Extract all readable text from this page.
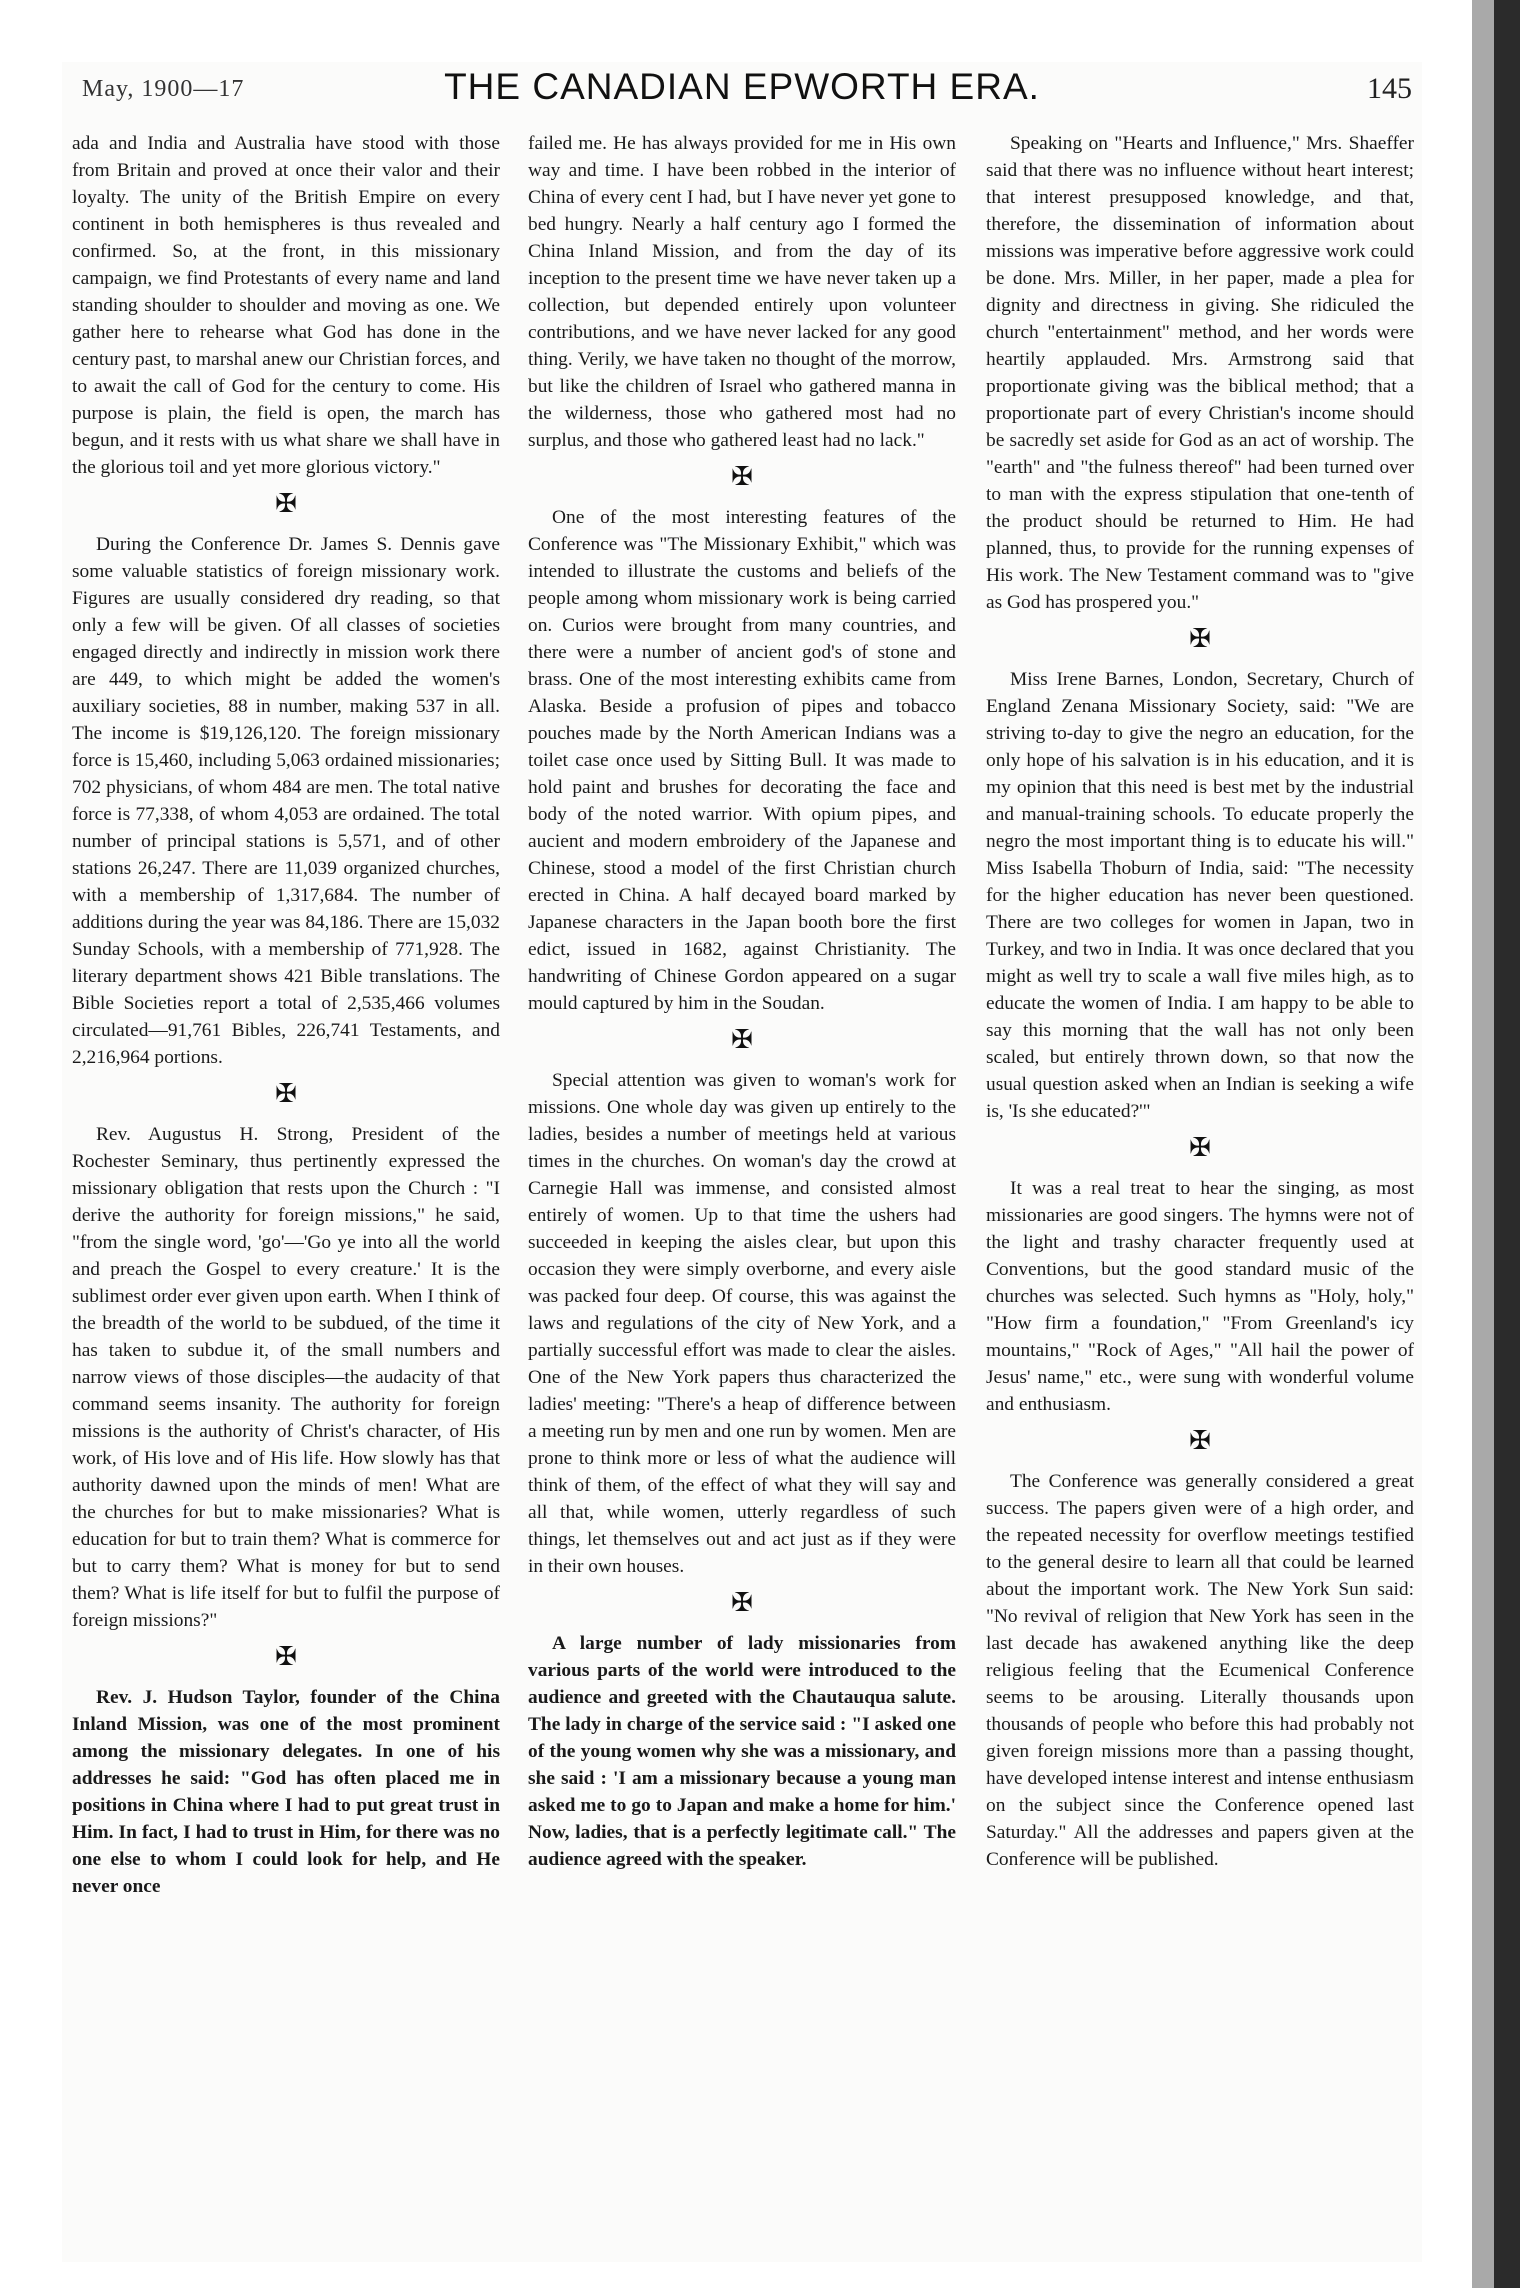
May, 1900—17	THE CANADIAN EPWORTH ERA.	145

ada and India and Australia have stood with those from Britain and proved at once their valor and their loyalty. The unity of the British Empire on every continent in both hemispheres is thus revealed and confirmed. So, at the front, in this missionary campaign, we find Protestants of every name and land standing shoulder to shoulder and moving as one. We gather here to rehearse what God has done in the century past, to marshal anew our Christian forces, and to await the call of God for the century to come. His purpose is plain, the field is open, the march has begun, and it rests with us what share we shall have in the glorious toil and yet more glorious victory."

✠

During the Conference Dr. James S. Dennis gave some valuable statistics of foreign missionary work. Figures are usually considered dry reading, so that only a few will be given. Of all classes of societies engaged directly and indirectly in mission work there are 449, to which might be added the women's auxiliary societies, 88 in number, making 537 in all. The income is $19,126,120. The foreign missionary force is 15,460, including 5,063 ordained missionaries; 702 physicians, of whom 484 are men. The total native force is 77,338, of whom 4,053 are ordained. The total number of principal stations is 5,571, and of other stations 26,247. There are 11,039 organized churches, with a membership of 1,317,684. The number of additions during the year was 84,186. There are 15,032 Sunday Schools, with a membership of 771,928. The literary department shows 421 Bible translations. The Bible Societies report a total of 2,535,466 volumes circulated—91,761 Bibles, 226,741 Testaments, and 2,216,964 portions.

✠

Rev. Augustus H. Strong, President of the Rochester Seminary, thus pertinently expressed the missionary obligation that rests upon the Church : "I derive the authority for foreign missions," he said, "from the single word, 'go'—'Go ye into all the world and preach the Gospel to every creature.' It is the sublimest order ever given upon earth. When I think of the breadth of the world to be subdued, of the time it has taken to subdue it, of the small numbers and narrow views of those disciples—the audacity of that command seems insanity. The authority for foreign missions is the authority of Christ's character, of His work, of His love and of His life. How slowly has that authority dawned upon the minds of men! What are the churches for but to make missionaries? What is education for but to train them? What is commerce for but to carry them? What is money for but to send them? What is life itself for but to fulfil the purpose of foreign missions?"

✠

Rev. J. Hudson Taylor, founder of the China Inland Mission, was one of the most prominent among the missionary delegates. In one of his addresses he said: "God has often placed me in positions in China where I had to put great trust in Him. In fact, I had to trust in Him, for there was no one else to whom I could look for help, and He never once

failed me. He has always provided for me in His own way and time. I have been robbed in the interior of China of every cent I had, but I have never yet gone to bed hungry. Nearly a half century ago I formed the China Inland Mission, and from the day of its inception to the present time we have never taken up a collection, but depended entirely upon volunteer contributions, and we have never lacked for any good thing. Verily, we have taken no thought of the morrow, but like the children of Israel who gathered manna in the wilderness, those who gathered most had no surplus, and those who gathered least had no lack."

✠

One of the most interesting features of the Conference was "The Missionary Exhibit," which was intended to illustrate the customs and beliefs of the people among whom missionary work is being carried on. Curios were brought from many countries, and there were a number of ancient god's of stone and brass. One of the most interesting exhibits came from Alaska. Beside a profusion of pipes and tobacco pouches made by the North American Indians was a toilet case once used by Sitting Bull. It was made to hold paint and brushes for decorating the face and body of the noted warrior. With opium pipes, and aucient and modern embroidery of the Japanese and Chinese, stood a model of the first Christian church erected in China. A half decayed board marked by Japanese characters in the Japan booth bore the first edict, issued in 1682, against Christianity. The handwriting of Chinese Gordon appeared on a sugar mould captured by him in the Soudan.

✠

Special attention was given to woman's work for missions. One whole day was given up entirely to the ladies, besides a number of meetings held at various times in the churches. On woman's day the crowd at Carnegie Hall was immense, and consisted almost entirely of women. Up to that time the ushers had succeeded in keeping the aisles clear, but upon this occasion they were simply overborne, and every aisle was packed four deep. Of course, this was against the laws and regulations of the city of New York, and a partially successful effort was made to clear the aisles. One of the New York papers thus characterized the ladies' meeting: "There's a heap of difference between a meeting run by men and one run by women. Men are prone to think more or less of what the audience will think of them, of the effect of what they will say and all that, while women, utterly regardless of such things, let themselves out and act just as if they were in their own houses.

✠

A large number of lady missionaries from various parts of the world were introduced to the audience and greeted with the Chautauqua salute. The lady in charge of the service said : "I asked one of the young women why she was a missionary, and she said : 'I am a missionary because a young man asked me to go to Japan and make a home for him.' Now, ladies, that is a perfectly legitimate call." The audience agreed with the speaker.

Speaking on "Hearts and Influence," Mrs. Shaeffer said that there was no influence without heart interest; that interest presupposed knowledge, and that, therefore, the dissemination of information about missions was imperative before aggressive work could be done. Mrs. Miller, in her paper, made a plea for dignity and directness in giving. She ridiculed the church "entertainment" method, and her words were heartily applauded. Mrs. Armstrong said that proportionate giving was the biblical method; that a proportionate part of every Christian's income should be sacredly set aside for God as an act of worship. The "earth" and "the fulness thereof" had been turned over to man with the express stipulation that one-tenth of the product should be returned to Him. He had planned, thus, to provide for the running expenses of His work. The New Testament command was to "give as God has prospered you."

✠

Miss Irene Barnes, London, Secretary, Church of England Zenana Missionary Society, said: "We are striving to-day to give the negro an education, for the only hope of his salvation is in his education, and it is my opinion that this need is best met by the industrial and manual-training schools. To educate properly the negro the most important thing is to educate his will." Miss Isabella Thoburn of India, said: "The necessity for the higher education has never been questioned. There are two colleges for women in Japan, two in Turkey, and two in India. It was once declared that you might as well try to scale a wall five miles high, as to educate the women of India. I am happy to be able to say this morning that the wall has not only been scaled, but entirely thrown down, so that now the usual question asked when an Indian is seeking a wife is, 'Is she educated?'"

✠

It was a real treat to hear the singing, as most missionaries are good singers. The hymns were not of the light and trashy character frequently used at Conventions, but the good standard music of the churches was selected. Such hymns as "Holy, holy," "How firm a foundation," "From Greenland's icy mountains," "Rock of Ages," "All hail the power of Jesus' name," etc., were sung with wonderful volume and enthusiasm.

✠

The Conference was generally considered a great success. The papers given were of a high order, and the repeated necessity for overflow meetings testified to the general desire to learn all that could be learned about the important work. The New York Sun said: "No revival of religion that New York has seen in the last decade has awakened anything like the deep religious feeling that the Ecumenical Conference seems to be arousing. Literally thousands upon thousands of people who before this had probably not given foreign missions more than a passing thought, have developed intense interest and intense enthusiasm on the subject since the Conference opened last Saturday." All the addresses and papers given at the Conference will be published.
